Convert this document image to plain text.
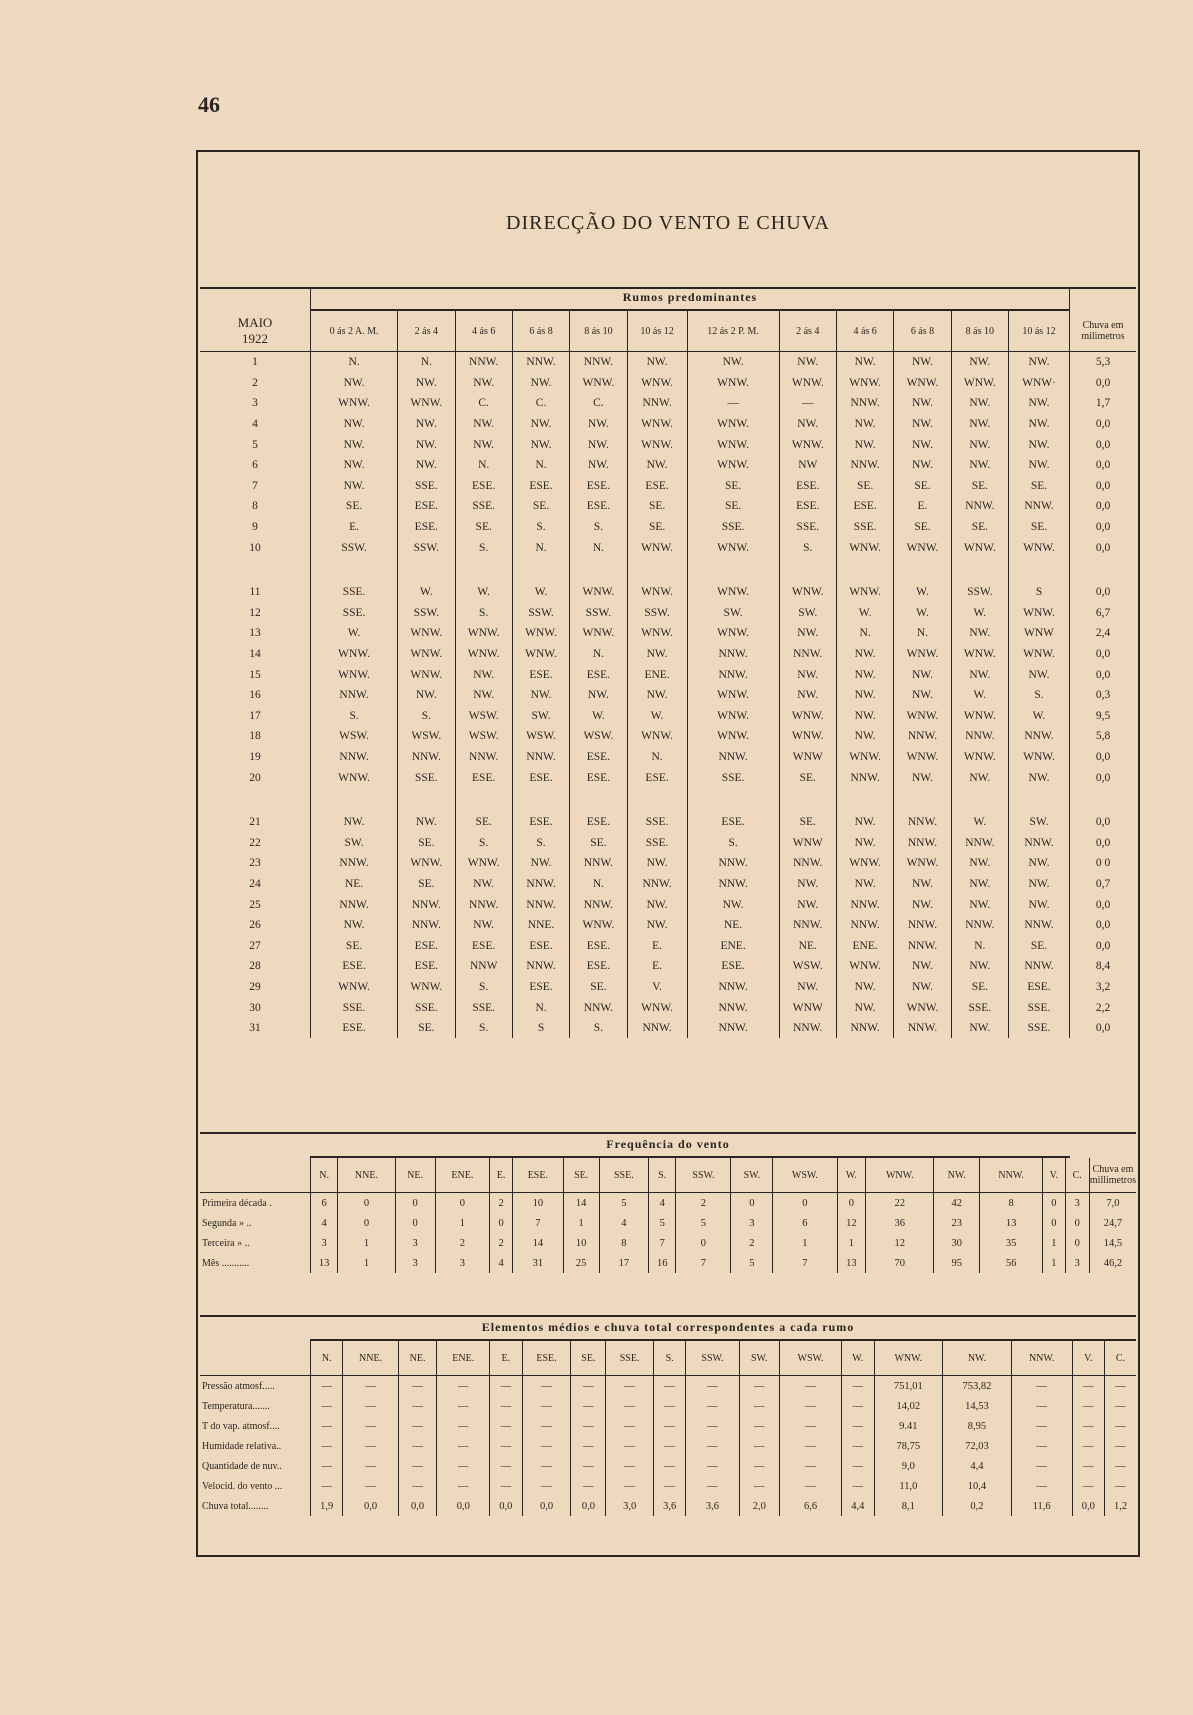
46
DIRECÇÃO DO VENTO E CHUVA

	Rumos predominantes												

MAIO
1922	0 ás 2 A. M.	2 ás 4	4 ás 6	6 ás 8	8 ás 10	10 ás 12	12 ás 2 P. M.	2 ás 4	4 ás 6	6 ás 8	8 ás 10	10 ás 12	Chuva em milimetros
1	N.	N.	NNW.	NNW.	NNW.	NW.	NW.	NW.	NW.	NW.	NW.	NW.	5,3
2	NW.	NW.	NW.	NW.	WNW.	WNW.	WNW.	WNW.	WNW.	WNW.	WNW.	WNW·	0,0
3	WNW.	WNW.	C.	C.	C.	NNW.	—	—	NNW.	NW.	NW.	NW.	1,7
4	NW.	NW.	NW.	NW.	NW.	WNW.	WNW.	NW.	NW.	NW.	NW.	NW.	0,0
5	NW.	NW.	NW.	NW.	NW.	WNW.	WNW.	WNW.	NW.	NW.	NW.	NW.	0,0
6	NW.	NW.	N.	N.	NW.	NW.	WNW.	NW	NNW.	NW.	NW.	NW.	0,0
7	NW.	SSE.	ESE.	ESE.	ESE.	ESE.	SE.	ESE.	SE.	SE.	SE.	SE.	0,0
8	SE.	ESE.	SSE.	SE.	ESE.	SE.	SE.	ESE.	ESE.	E.	NNW.	NNW.	0,0
9	E.	ESE.	SE.	S.	S.	SE.	SSE.	SSE.	SSE.	SE.	SE.	SE.	0,0
10	SSW.	SSW.	S.	N.	N.	WNW.	WNW.	S.	WNW.	WNW.	WNW.	WNW.	0,0

11	SSE.	W.	W.	W.	WNW.	WNW.	WNW.	WNW.	WNW.	W.	SSW.	S	0,0
12	SSE.	SSW.	S.	SSW.	SSW.	SSW.	SW.	SW.	W.	W.	W.	WNW.	6,7
13	W.	WNW.	WNW.	WNW.	WNW.	WNW.	WNW.	NW.	N.	N.	NW.	WNW	2,4
14	WNW.	WNW.	WNW.	WNW.	N.	NW.	NNW.	NNW.	NW.	WNW.	WNW.	WNW.	0,0
15	WNW.	WNW.	NW.	ESE.	ESE.	ENE.	NNW.	NW.	NW.	NW.	NW.	NW.	0,0
16	NNW.	NW.	NW.	NW.	NW.	NW.	WNW.	NW.	NW.	NW.	W.	S.	0,3
17	S.	S.	WSW.	SW.	W.	W.	WNW.	WNW.	NW.	WNW.	WNW.	W.	9,5
18	WSW.	WSW.	WSW.	WSW.	WSW.	WNW.	WNW.	WNW.	NW.	NNW.	NNW.	NNW.	5,8
19	NNW.	NNW.	NNW.	NNW.	ESE.	N.	NNW.	WNW	WNW.	WNW.	WNW.	WNW.	0,0
20	WNW.	SSE.	ESE.	ESE.	ESE.	ESE.	SSE.	SE.	NNW.	NW.	NW.	NW.	0,0

21	NW.	NW.	SE.	ESE.	ESE.	SSE.	ESE.	SE.	NW.	NNW.	W.	SW.	0,0
22	SW.	SE.	S.	S.	SE.	SSE.	S.	WNW	NW.	NNW.	NNW.	NNW.	0,0
23	NNW.	WNW.	WNW.	NW.	NNW.	NW.	NNW.	NNW.	WNW.	WNW.	NW.	NW.	0 0
24	NE.	SE.	NW.	NNW.	N.	NNW.	NNW.	NW.	NW.	NW.	NW.	NW.	0,7
25	NNW.	NNW.	NNW.	NNW.	NNW.	NW.	NW.	NW.	NNW.	NW.	NW.	NW.	0,0
26	NW.	NNW.	NW.	NNE.	WNW.	NW.	NE.	NNW.	NNW.	NNW.	NNW.	NNW.	0,0
27	SE.	ESE.	ESE.	ESE.	ESE.	E.	ENE.	NE.	ENE.	NNW.	N.	SE.	0,0
28	ESE.	ESE.	NNW	NNW.	ESE.	E.	ESE.	WSW.	WNW.	NW.	NW.	NNW.	8,4
29	WNW.	WNW.	S.	ESE.	SE.	V.	NNW.	NW.	NW.	NW.	SE.	ESE.	3,2
30	SSE.	SSE.	SSE.	N.	NNW.	WNW.	NNW.	WNW	NW.	WNW.	SSE.	SSE.	2,2
31	ESE.	SE.	S.	S	S.	NNW.	NNW.	NNW.	NNW.	NNW.	NW.	SSE.	0,0
Frequência do vento
	N.	NNE.	NE.	ENE.	E.	ESE.	SE.	SSE.	S.	SSW.	SW.	WSW.	W.	WNW.	NW.	NNW.	V.	C.	Chuva em millimetros
Primeira década .	6	0	0	0	2	10	14	5	4	2	0	0	0	22	42	8	0	3	7,0
Segunda » ..	4	0	0	1	0	7	1	4	5	5	3	6	12	36	23	13	0	0	24,7
Terceira » ..	3	1	3	2	2	14	10	8	7	0	2	1	1	12	30	35	1	0	14,5
Mês ...........	13	1	3	3	4	31	25	17	16	7	5	7	13	70	95	56	1	3	46,2
Elementos médios e chuva total correspondentes a cada rumo
	N.	NNE.	NE.	ENE.	E.	ESE.	SE.	SSE.	S.	SSW.	SW.	WSW.	W.	WNW.	NW.	NNW.	V.	C.
Pressão atmosf.....	—	—	—	—	—	—	—	—	—	—	—	—	—	751,01	753,82	—	—	—
Temperatura.......	—	—	—	—	—	—	—	—	—	—	—	—	—	14,02	14,53	—	—	—
T do vap. atmosf....	—	—	—	—	—	—	—	—	—	—	—	—	—	9.41	8,95	—	—	—
Humidade relativa..	—	—	—	—	—	—	—	—	—	—	—	—	—	78,75	72,03	—	—	—
Quantidade de nuv..	—	—	—	—	—	—	—	—	—	—	—	—	—	9,0	4,4	—	—	—
Velocid. do vento ...	—	—	—	—	—	—	—	—	—	—	—	—	—	11,0	10,4	—	—	—
Chuva total........	1,9	0,0	0,0	0,0	0,0	0,0	0,0	3,0	3,6	3,6	2,0	6,6	4,4	8,1	0,2	11,6	0,0	1,2
